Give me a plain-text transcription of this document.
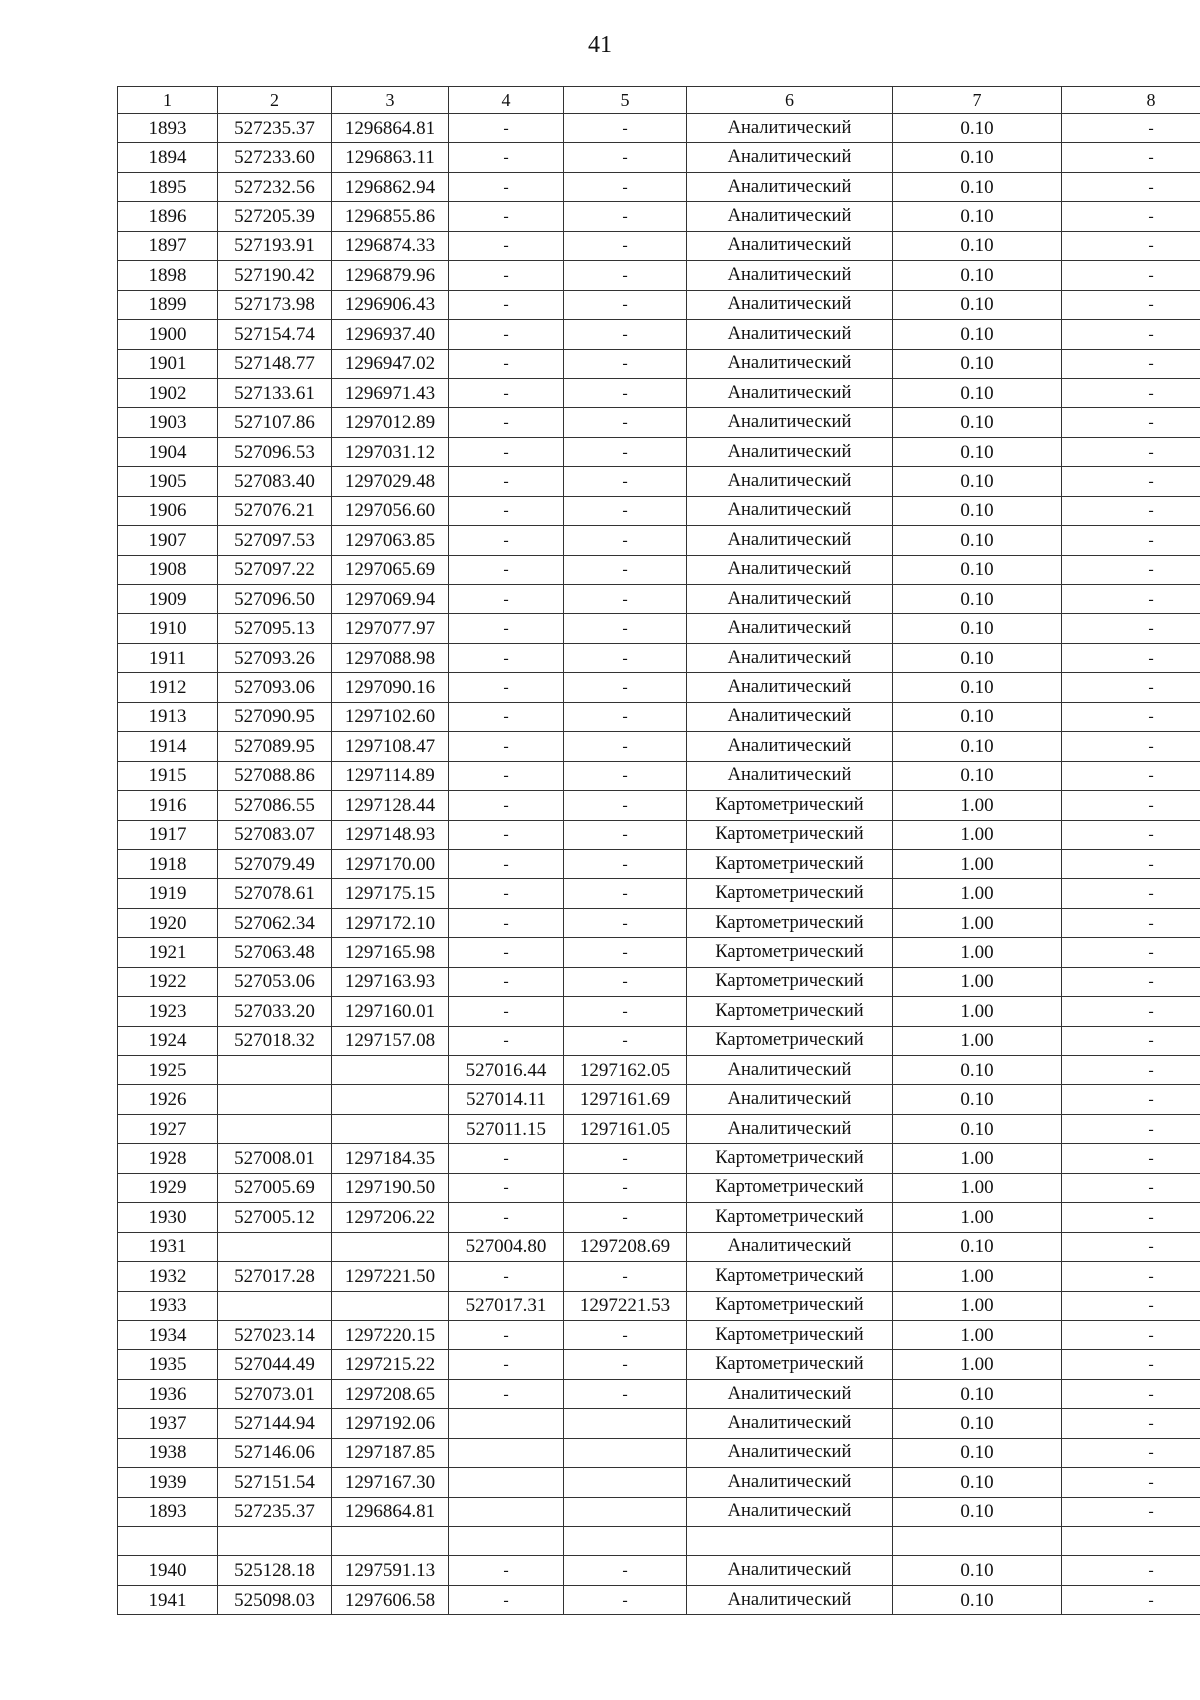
41
1	2	3	4	5	6	7	8
1893	527235.37	1296864.81	-	-	Аналитический	0.10	-
1894	527233.60	1296863.11	-	-	Аналитический	0.10	-
1895	527232.56	1296862.94	-	-	Аналитический	0.10	-
1896	527205.39	1296855.86	-	-	Аналитический	0.10	-
1897	527193.91	1296874.33	-	-	Аналитический	0.10	-
1898	527190.42	1296879.96	-	-	Аналитический	0.10	-
1899	527173.98	1296906.43	-	-	Аналитический	0.10	-
1900	527154.74	1296937.40	-	-	Аналитический	0.10	-
1901	527148.77	1296947.02	-	-	Аналитический	0.10	-
1902	527133.61	1296971.43	-	-	Аналитический	0.10	-
1903	527107.86	1297012.89	-	-	Аналитический	0.10	-
1904	527096.53	1297031.12	-	-	Аналитический	0.10	-
1905	527083.40	1297029.48	-	-	Аналитический	0.10	-
1906	527076.21	1297056.60	-	-	Аналитический	0.10	-
1907	527097.53	1297063.85	-	-	Аналитический	0.10	-
1908	527097.22	1297065.69	-	-	Аналитический	0.10	-
1909	527096.50	1297069.94	-	-	Аналитический	0.10	-
1910	527095.13	1297077.97	-	-	Аналитический	0.10	-
1911	527093.26	1297088.98	-	-	Аналитический	0.10	-
1912	527093.06	1297090.16	-	-	Аналитический	0.10	-
1913	527090.95	1297102.60	-	-	Аналитический	0.10	-
1914	527089.95	1297108.47	-	-	Аналитический	0.10	-
1915	527088.86	1297114.89	-	-	Аналитический	0.10	-
1916	527086.55	1297128.44	-	-	Картометрический	1.00	-
1917	527083.07	1297148.93	-	-	Картометрический	1.00	-
1918	527079.49	1297170.00	-	-	Картометрический	1.00	-
1919	527078.61	1297175.15	-	-	Картометрический	1.00	-
1920	527062.34	1297172.10	-	-	Картометрический	1.00	-
1921	527063.48	1297165.98	-	-	Картометрический	1.00	-
1922	527053.06	1297163.93	-	-	Картометрический	1.00	-
1923	527033.20	1297160.01	-	-	Картометрический	1.00	-
1924	527018.32	1297157.08	-	-	Картометрический	1.00	-
1925			527016.44	1297162.05	Аналитический	0.10	-
1926			527014.11	1297161.69	Аналитический	0.10	-
1927			527011.15	1297161.05	Аналитический	0.10	-
1928	527008.01	1297184.35	-	-	Картометрический	1.00	-
1929	527005.69	1297190.50	-	-	Картометрический	1.00	-
1930	527005.12	1297206.22	-	-	Картометрический	1.00	-
1931			527004.80	1297208.69	Аналитический	0.10	-
1932	527017.28	1297221.50	-	-	Картометрический	1.00	-
1933			527017.31	1297221.53	Картометрический	1.00	-
1934	527023.14	1297220.15	-	-	Картометрический	1.00	-
1935	527044.49	1297215.22	-	-	Картометрический	1.00	-
1936	527073.01	1297208.65	-	-	Аналитический	0.10	-
1937	527144.94	1297192.06			Аналитический	0.10	-
1938	527146.06	1297187.85			Аналитический	0.10	-
1939	527151.54	1297167.30			Аналитический	0.10	-
1893	527235.37	1296864.81			Аналитический	0.10	-

1940	525128.18	1297591.13	-	-	Аналитический	0.10	-
1941	525098.03	1297606.58	-	-	Аналитический	0.10	-
